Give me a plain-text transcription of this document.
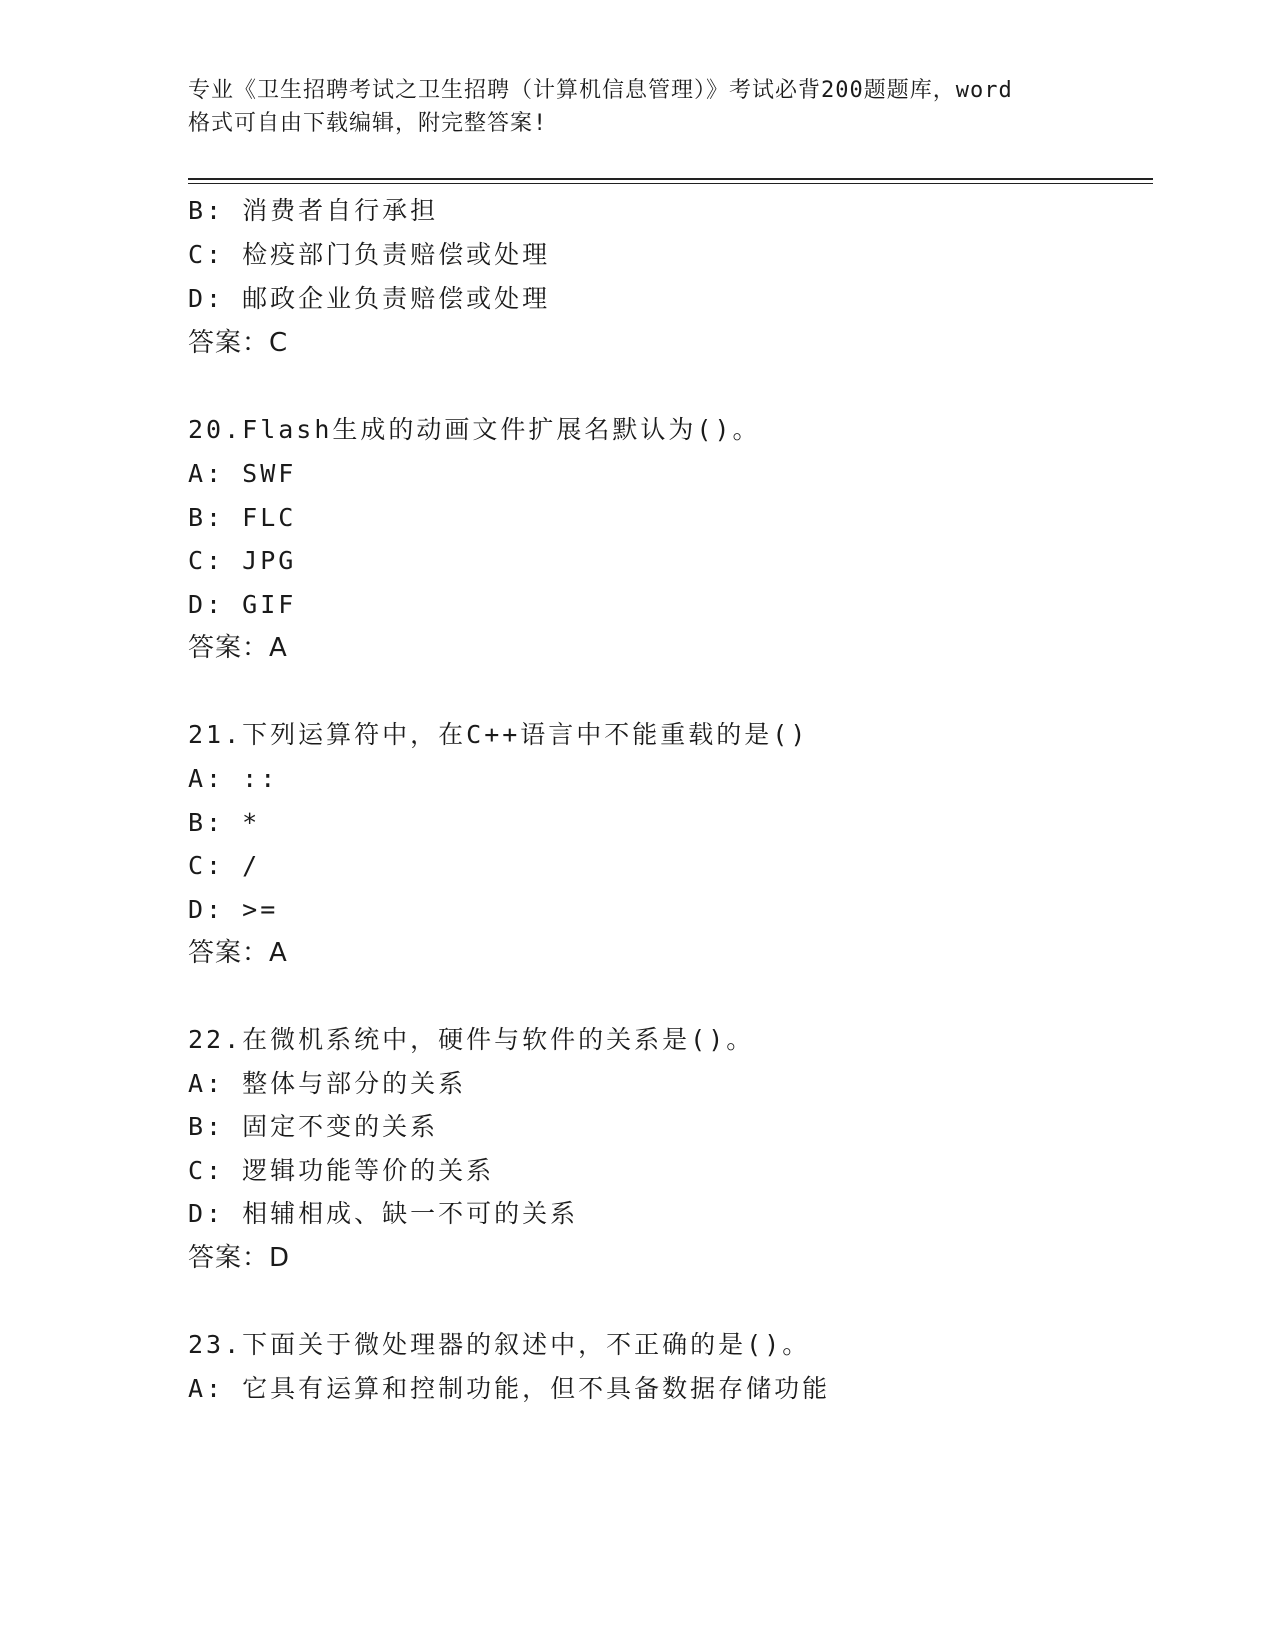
专业《卫生招聘考试之卫生招聘（计算机信息管理）》考试必背200题题库，word
格式可自由下载编辑，附完整答案!
B: 消费者自行承担
C: 检疫部门负责赔偿或处理
D: 邮政企业负责赔偿或处理
答案：C
20.Flash生成的动画文件扩展名默认为()。
A: SWF
B: FLC
C: JPG
D: GIF
答案：A
21.下列运算符中，在C++语言中不能重载的是()
A: ::
B: *
C: /
D: >=
答案：A
22.在微机系统中，硬件与软件的关系是()。
A: 整体与部分的关系
B: 固定不变的关系
C: 逻辑功能等价的关系
D: 相辅相成、缺一不可的关系
答案：D
23.下面关于微处理器的叙述中，不正确的是()。
A: 它具有运算和控制功能，但不具备数据存储功能
